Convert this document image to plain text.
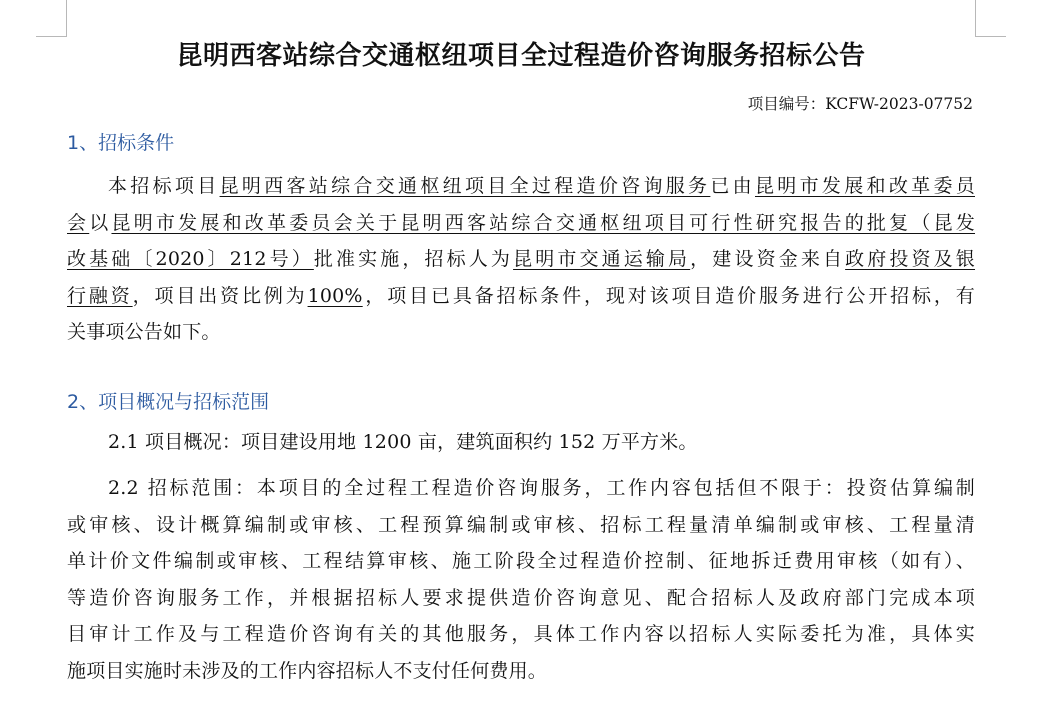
昆明西客站综合交通枢纽项目全过程造价咨询服务招标公告
项目编号：KCFW-2023-07752
1、招标条件
本招标项目昆明西客站综合交通枢纽项目全过程造价咨询服务已由昆明市发展和改革委员
会以昆明市发展和改革委员会关于昆明西客站综合交通枢纽项目可行性研究报告的批复（昆发
改基础〔2020〕212号）批准实施，招标人为昆明市交通运输局，建设资金来自政府投资及银
行融资，项目出资比例为100%，项目已具备招标条件，现对该项目造价服务进行公开招标，有
关事项公告如下。
2、项目概况与招标范围
2.1 项目概况：项目建设用地 1200 亩，建筑面积约 152 万平方米。
2.2 招标范围：本项目的全过程工程造价咨询服务，工作内容包括但不限于：投资估算编制
或审核、设计概算编制或审核、工程预算编制或审核、招标工程量清单编制或审核、工程量清
单计价文件编制或审核、工程结算审核、施工阶段全过程造价控制、征地拆迁费用审核（如有）、
等造价咨询服务工作，并根据招标人要求提供造价咨询意见、配合招标人及政府部门完成本项
目审计工作及与工程造价咨询有关的其他服务，具体工作内容以招标人实际委托为准，具体实
施项目实施时未涉及的工作内容招标人不支付任何费用。
